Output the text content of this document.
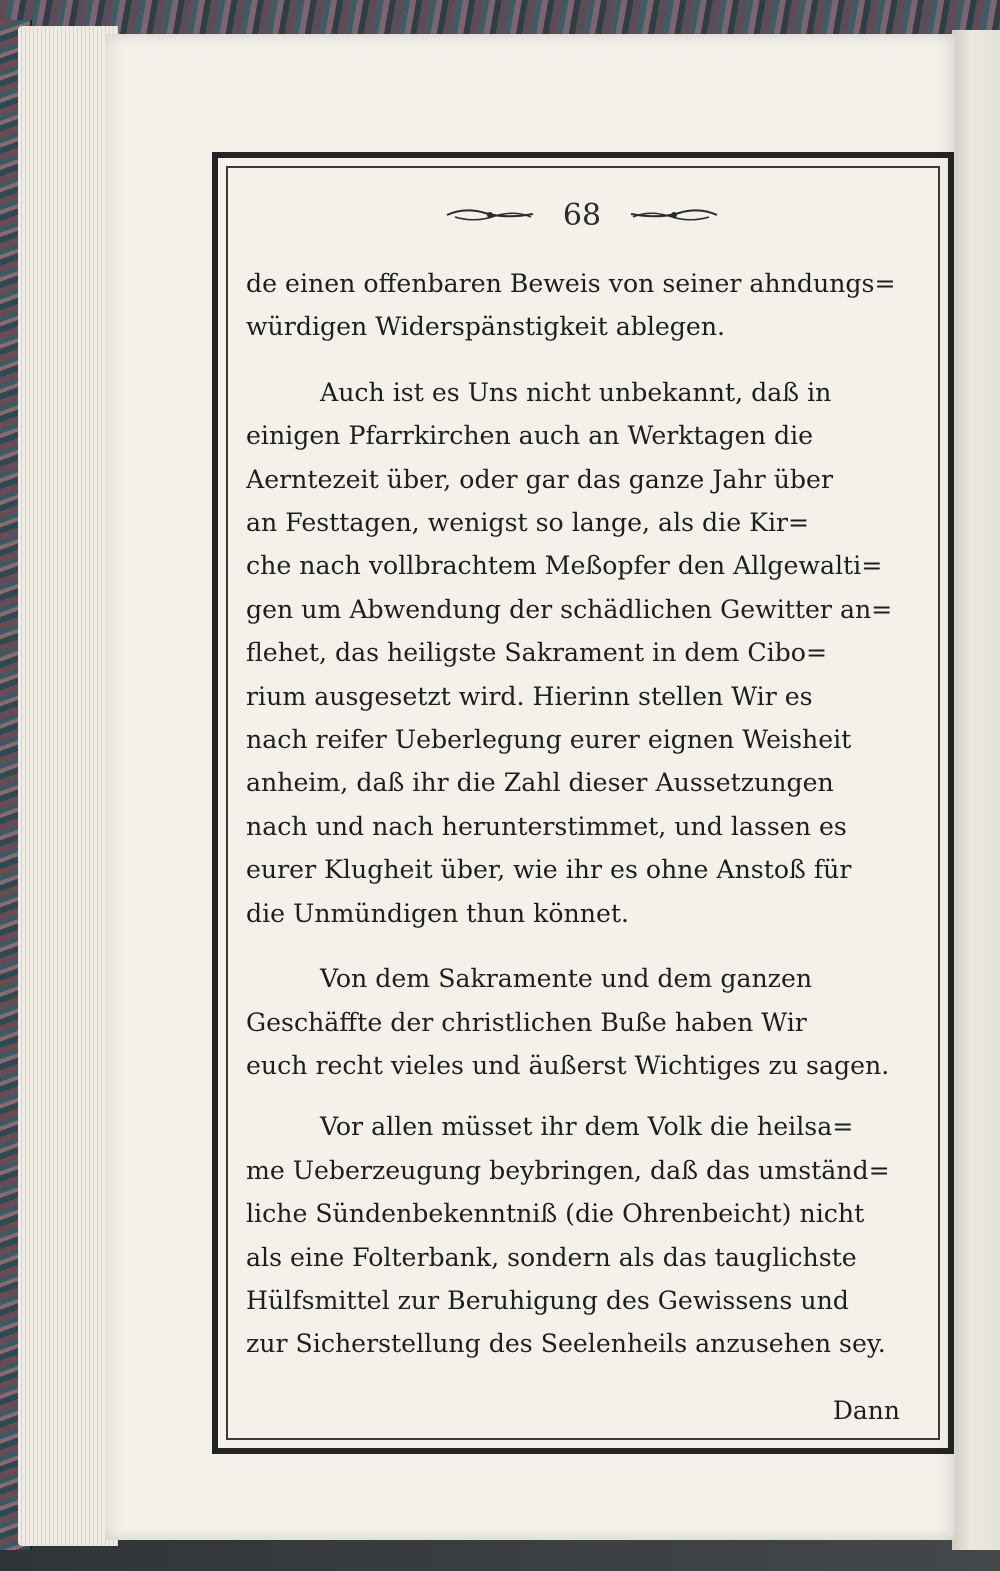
68
de einen offenbaren Beweis von seiner ahndungs=
würdigen Widerspänstigkeit ablegen.
Auch ist es Uns nicht unbekannt, daß in
einigen Pfarrkirchen auch an Werktagen die
Aerntezeit über, oder gar das ganze Jahr über
an Festtagen, wenigst so lange, als die Kir=
che nach vollbrachtem Meßopfer den Allgewalti=
gen um Abwendung der schädlichen Gewitter an=
flehet, das heiligste Sakrament in dem Cibo=
rium ausgesetzt wird. Hierinn stellen Wir es
nach reifer Ueberlegung eurer eignen Weisheit
anheim, daß ihr die Zahl dieser Aussetzungen
nach und nach herunterstimmet, und lassen es
eurer Klugheit über, wie ihr es ohne Anstoß für
die Unmündigen thun könnet.
Von dem Sakramente und dem ganzen
Geschäffte der christlichen Buße haben Wir
euch recht vieles und äußerst Wichtiges zu sagen.
Vor allen müsset ihr dem Volk die heilsa=
me Ueberzeugung beybringen, daß das umständ=
liche Sündenbekenntniß (die Ohrenbeicht) nicht
als eine Folterbank, sondern als das tauglichste
Hülfsmittel zur Beruhigung des Gewissens und
zur Sicherstellung des Seelenheils anzusehen sey.
Dann
